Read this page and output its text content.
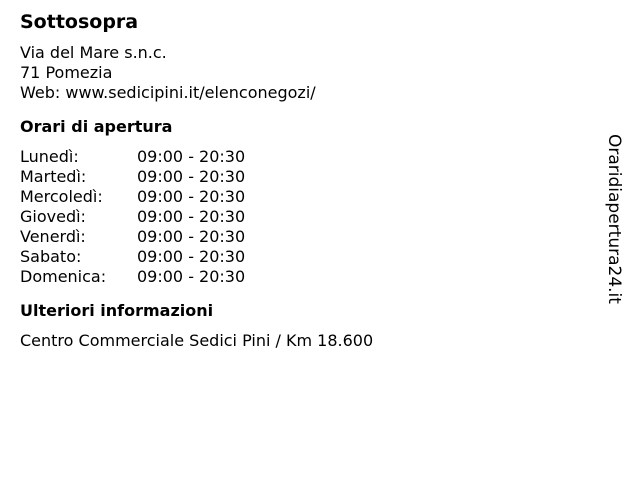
Sottosopra
Via del Mare s.n.c.
71 Pomezia
Web: www.sedicipini.it/elenconegozi/
Orari di apertura
Lunedì:	09:00 - 20:30
Martedì:	09:00 - 20:30
Mercoledì:	09:00 - 20:30
Giovedì:	09:00 - 20:30
Venerdì:	09:00 - 20:30
Sabato:	09:00 - 20:30
Domenica:	09:00 - 20:30
Ulteriori informazioni
Centro Commerciale Sedici Pini / Km 18.600
Oraridiapertura24.it
